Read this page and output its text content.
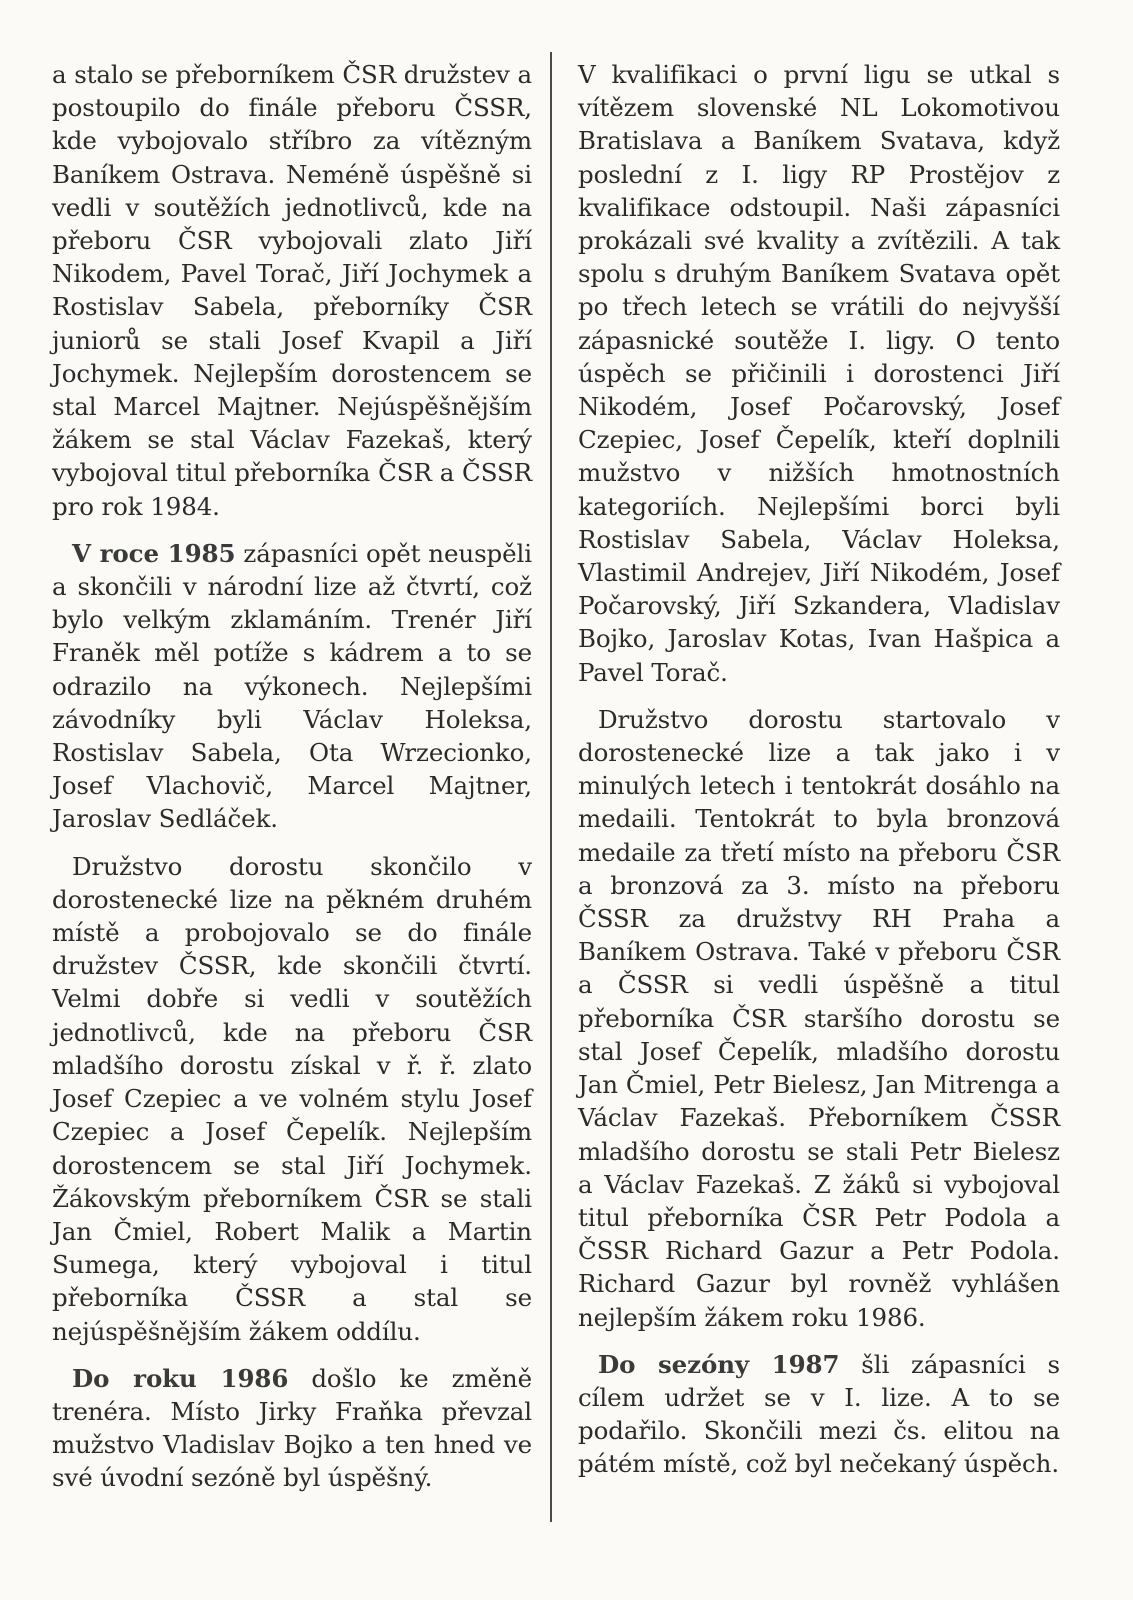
a stalo se přeborníkem ČSR družstev a postoupilo do finále přeboru ČSSR, kde vybojovalo stříbro za vítězným Baníkem Ostrava. Neméně úspěšně si vedli v soutěžích jednotlivců, kde na přeboru ČSR vybojovali zlato Jiří Nikodem, Pavel Torač, Jiří Jochymek a Rostislav Sabela, přeborníky ČSR juniorů se stali Josef Kvapil a Jiří Jochymek. Nejlepším dorostencem se stal Marcel Majtner. Nejúspěšnějším žákem se stal Václav Fazekaš, který vybojoval titul přeborníka ČSR a ČSSR pro rok 1984.

V roce 1985 zápasníci opět neuspěli a skončili v národní lize až čtvrtí, což bylo velkým zklamáním. Trenér Jiří Franěk měl potíže s kádrem a to se odrazilo na výkonech. Nejlepšími závodníky byli Václav Holeksa, Rostislav Sabela, Ota Wrzecionko, Josef Vlachovič, Marcel Majtner, Jaroslav Sedláček.

Družstvo dorostu skončilo v dorostenecké lize na pěkném druhém místě a probojovalo se do finále družstev ČSSR, kde skončili čtvrtí. Velmi dobře si vedli v soutěžích jednotlivců, kde na přeboru ČSR mladšího dorostu získal v ř. ř. zlato Josef Czepiec a ve volném stylu Josef Czepiec a Josef Čepelík. Nejlepším dorostencem se stal Jiří Jochymek. Žákovským přeborníkem ČSR se stali Jan Čmiel, Robert Malik a Martin Sumega, který vybojoval i titul přeborníka ČSSR a stal se nejúspěšnějším žákem oddílu.

Do roku 1986 došlo ke změně trenéra. Místo Jirky Fraňka převzal mužstvo Vladislav Bojko a ten hned ve své úvodní sezóně byl úspěšný.

V kvalifikaci o první ligu se utkal s vítězem slovenské NL Lokomotivou Bratislava a Baníkem Svatava, když poslední z I. ligy RP Prostějov z kvalifikace odstoupil. Naši zápasníci prokázali své kvality a zvítězili. A tak spolu s druhým Baníkem Svatava opět po třech letech se vrátili do nejvyšší zápasnické soutěže I. ligy. O tento úspěch se přičinili i dorostenci Jiří Nikodém, Josef Počarovský, Josef Czepiec, Josef Čepelík, kteří doplnili mužstvo v nižších hmotnostních kategoriích. Nejlepšími borci byli Rostislav Sabela, Václav Holeksa, Vlastimil Andrejev, Jiří Nikodém, Josef Počarovský, Jiří Szkandera, Vladislav Bojko, Jaroslav Kotas, Ivan Hašpica a Pavel Torač.

Družstvo dorostu startovalo v dorostenecké lize a tak jako i v minulých letech i tentokrát dosáhlo na medaili. Tentokrát to byla bronzová medaile za třetí místo na přeboru ČSR a bronzová za 3. místo na přeboru ČSSR za družstvy RH Praha a Baníkem Ostrava. Také v přeboru ČSR a ČSSR si vedli úspěšně a titul přeborníka ČSR staršího dorostu se stal Josef Čepelík, mladšího dorostu Jan Čmiel, Petr Bielesz, Jan Mitrenga a Václav Fazekaš. Přeborníkem ČSSR mladšího dorostu se stali Petr Bielesz a Václav Fazekaš. Z žáků si vybojoval titul přeborníka ČSR Petr Podola a ČSSR Richard Gazur a Petr Podola. Richard Gazur byl rovněž vyhlášen nejlepším žákem roku 1986.

Do sezóny 1987 šli zápasníci s cílem udržet se v I. lize. A to se podařilo. Skončili mezi čs. elitou na pátém místě, což byl nečekaný úspěch.
